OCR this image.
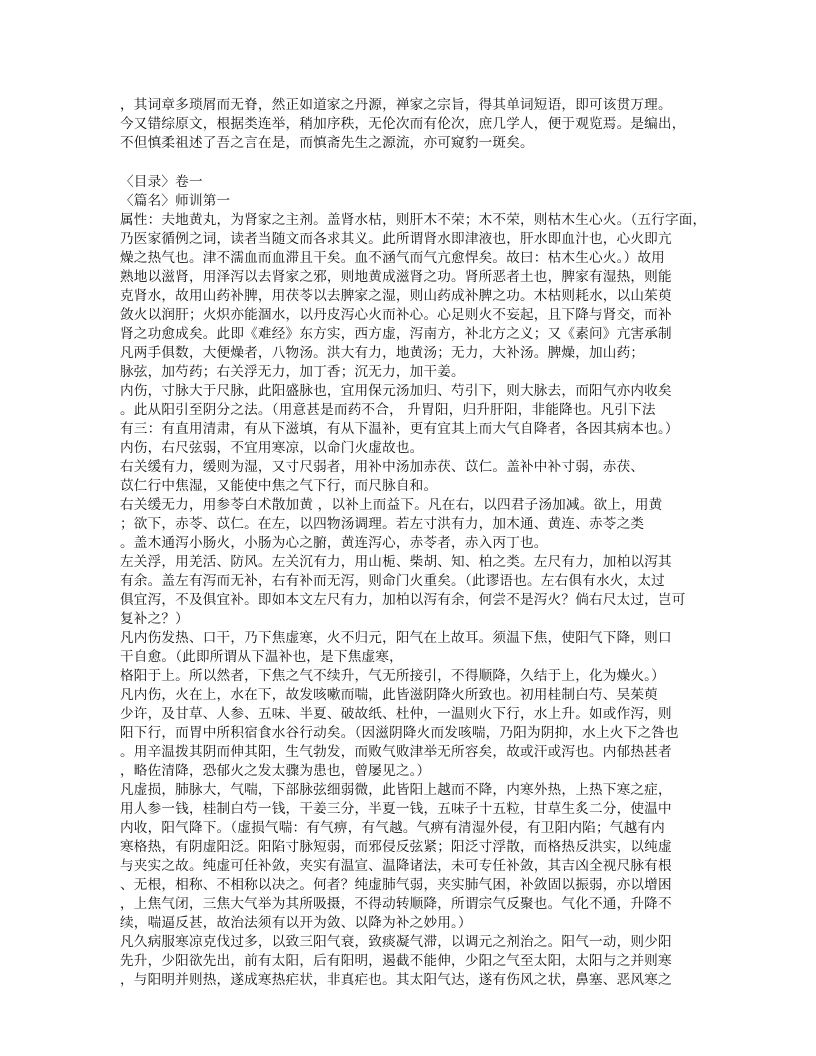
，其词章多琐屑而无脊，然正如道家之丹源，禅家之宗旨，得其单词短语，即可该贯万理。
今又错综原文，根据类连举，稍加序秩，无伦次而有伦次，庶几学人，便于观览焉。是编出，
不但慎柔祖述了吾之言在是，而慎斋先生之源流，亦可窥豹一斑矣。
〈目录〉卷一
〈篇名〉师训第一
属性：夫地黄丸，为肾家之主剂。盖肾水枯，则肝木不荣；木不荣，则枯木生心火。（五行字面，
乃医家循例之词，读者当随文而各求其义。此所谓肾水即津液也，肝水即血汁也，心火即亢
燥之热气也。津不濡血而血滞且干矣。血不涵气而气亢愈悍矣。故曰：枯木生心火。）故用
熟地以滋肾，用泽泻以去肾家之邪，则地黄成滋肾之功。肾所恶者土也，脾家有湿热，则能
克肾水，故用山药补脾，用茯苓以去脾家之湿，则山药成补脾之功。木枯则耗水，以山茱萸
敛火以润肝；火炽亦能涸水，以丹皮泻心火而补心。心足则火不妄起，且下降与肾交，而补
肾之功愈成矣。此即《难经》东方实，西方虚，泻南方，补北方之义；又《素问》亢害承制
凡两手俱数，大便燥者，八物汤。洪大有力，地黄汤；无力，大补汤。脾燥，加山药；
脉弦，加芍药；右关浮无力，加丁香；沉无力，加干姜。
内伤，寸脉大于尺脉，此阳盛脉也，宜用保元汤加归、芍引下，则大脉去，而阳气亦内收矣
。此从阳引至阴分之法。（用意甚是而药不合， 升胃阳，归升肝阳，非能降也。凡引下法
有三：有直用清肃，有从下滋填，有从下温补，更有宜其上而大气自降者，各因其病本也。）
内伤，右尺弦弱，不宜用寒凉，以命门火虚故也。
右关缓有力，缓则为湿，又寸尺弱者，用补中汤加赤茯、苡仁。盖补中补寸弱，赤茯、
苡仁行中焦湿，又能使中焦之气下行，而尺脉自和。
右关缓无力，用参苓白术散加黄 ，以补上而益下。凡在右，以四君子汤加减。欲上，用黄
；欲下，赤苓、苡仁。在左，以四物汤调理。若左寸洪有力，加木通、黄连、赤苓之类
。盖木通泻小肠火，小肠为心之腑，黄连泻心，赤苓者，赤入丙丁也。
左关浮，用羌活、防风。左关沉有力，用山栀、柴胡、知、柏之类。左尺有力，加柏以泻其
有余。盖左有泻而无补，右有补而无泻，则命门火重矣。（此谬语也。左右俱有水火，太过
俱宜泻，不及俱宜补。即如本文左尺有力，加柏以泻有余，何尝不是泻火？倘右尺太过，岂可
复补之？）
凡内伤发热、口干，乃下焦虚寒，火不归元，阳气在上故耳。须温下焦，使阳气下降，则口
干自愈。（此即所谓从下温补也，是下焦虚寒，
格阳于上。所以然者，下焦之气不续升，气无所接引，不得顺降，久结于上，化为燥火。）
凡内伤，火在上，水在下，故发咳嗽而喘，此皆滋阴降火所致也。初用桂制白芍、吴茱萸
少许，及甘草、人参、五味、半夏、破故纸、杜仲，一温则火下行，水上升。如或作泻，则
阳下行，而胃中所积宿食水谷行动矣。（因滋阴降火而发咳喘，乃阳为阴抑，水上火下之咎也
。用辛温拨其阴而伸其阳，生气勃发，而败气败津举无所容矣，故或汗或泻也。内郁热甚者
，略佐清降，恐郁火之发太骤为患也，曾屡见之。）
凡虚损，肺脉大，气喘，下部脉弦细弱微，此皆阳上越而不降，内寒外热，上热下寒之症，
用人参一钱，桂制白芍一钱，干姜三分，半夏一钱，五味子十五粒，甘草生炙二分，使温中
内收，阳气降下。（虚损气喘：有气痹，有气越。气痹有清湿外侵，有卫阳内陷；气越有内
寒格热，有阴虚阳泛。阳陷寸脉短弱，而邪侵反弦紧；阳泛寸浮散，而格热反洪实，以纯虚
与夹实之故。纯虚可任补敛，夹实有温宣、温降诸法，未可专任补敛，其吉凶全视尺脉有根
、无根，相称、不相称以决之。何者？纯虚肺气弱，夹实肺气困，补敛固以振弱，亦以增困
，上焦气闭，三焦大气举为其所吸摄，不得动转顺降，所谓宗气反聚也。气化不通，升降不
续，喘逼反甚，故治法须有以开为敛、以降为补之妙用。）
凡久病服寒凉克伐过多，以致三阳气衰，致痰凝气滞，以调元之剂治之。阳气一动，则少阳
先升，少阳欲先出，前有太阳，后有阳明，遏截不能伸，少阳之气至太阳，太阳与之并则寒
，与阳明并则热，遂成寒热疟状，非真疟也。其太阳气达，遂有伤风之状，鼻塞、恶风寒之
